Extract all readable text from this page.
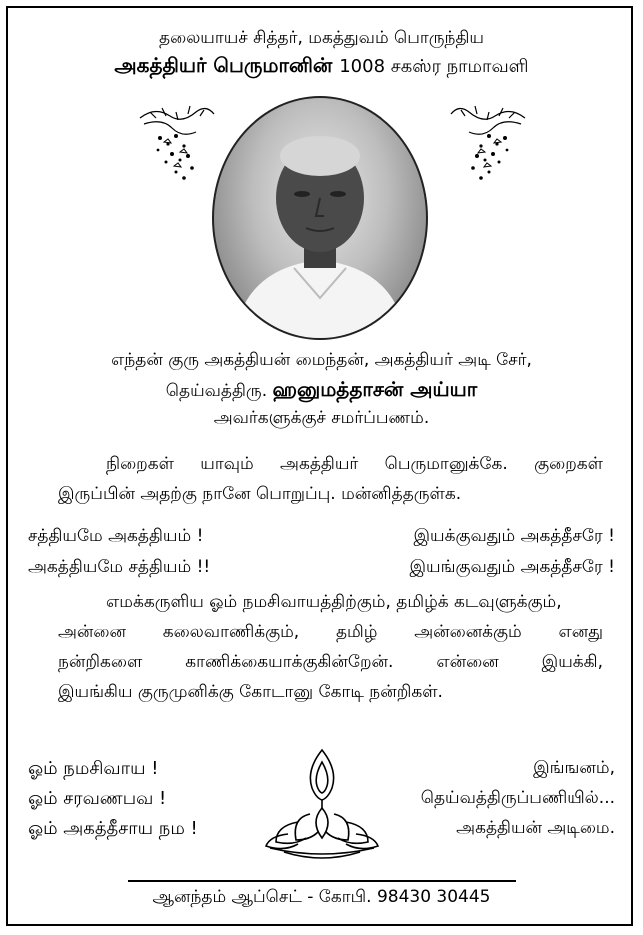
தலையாயச் சித்தர், மகத்துவம் பொருந்திய
அகத்தியர் பெருமானின் 1008 சகஸ்ர நாமாவளி
எந்தன் குரு அகத்தியன் மைந்தன், அகத்தியர் அடி சேர்,
தெய்வத்திரு. ஹனுமத்தாசன் அய்யா
அவர்களுக்குச் சமர்ப்பணம்.
நிறைகள் யாவும் அகத்தியர் பெருமானுக்கே. குறைகள்
இருப்பின் அதற்கு நானே பொறுப்பு. மன்னித்தருள்க.
சத்தியமே அகத்தியம் !	இயக்குவதும் அகத்தீசரே !
அகத்தியமே சத்தியம் !!	இயங்குவதும் அகத்தீசரே !
எமக்கருளிய ஓம் நமசிவாயத்திற்கும், தமிழ்க் கடவுளுக்கும்,
அன்னை கலைவாணிக்கும், தமிழ் அன்னைக்கும் எனது
நன்றிகளை காணிக்கையாக்குகின்றேன். என்னை இயக்கி,
இயங்கிய குருமுனிக்கு கோடானு கோடி நன்றிகள்.
ஓம் நமசிவாய !
ஓம் சரவணபவ !
ஓம் அகத்தீசாய நம !
இங்ஙனம்,
தெய்வத்திருப்பணியில்...
அகத்தியன் அடிமை.
ஆனந்தம் ஆப்செட் - கோபி. 98430 30445
